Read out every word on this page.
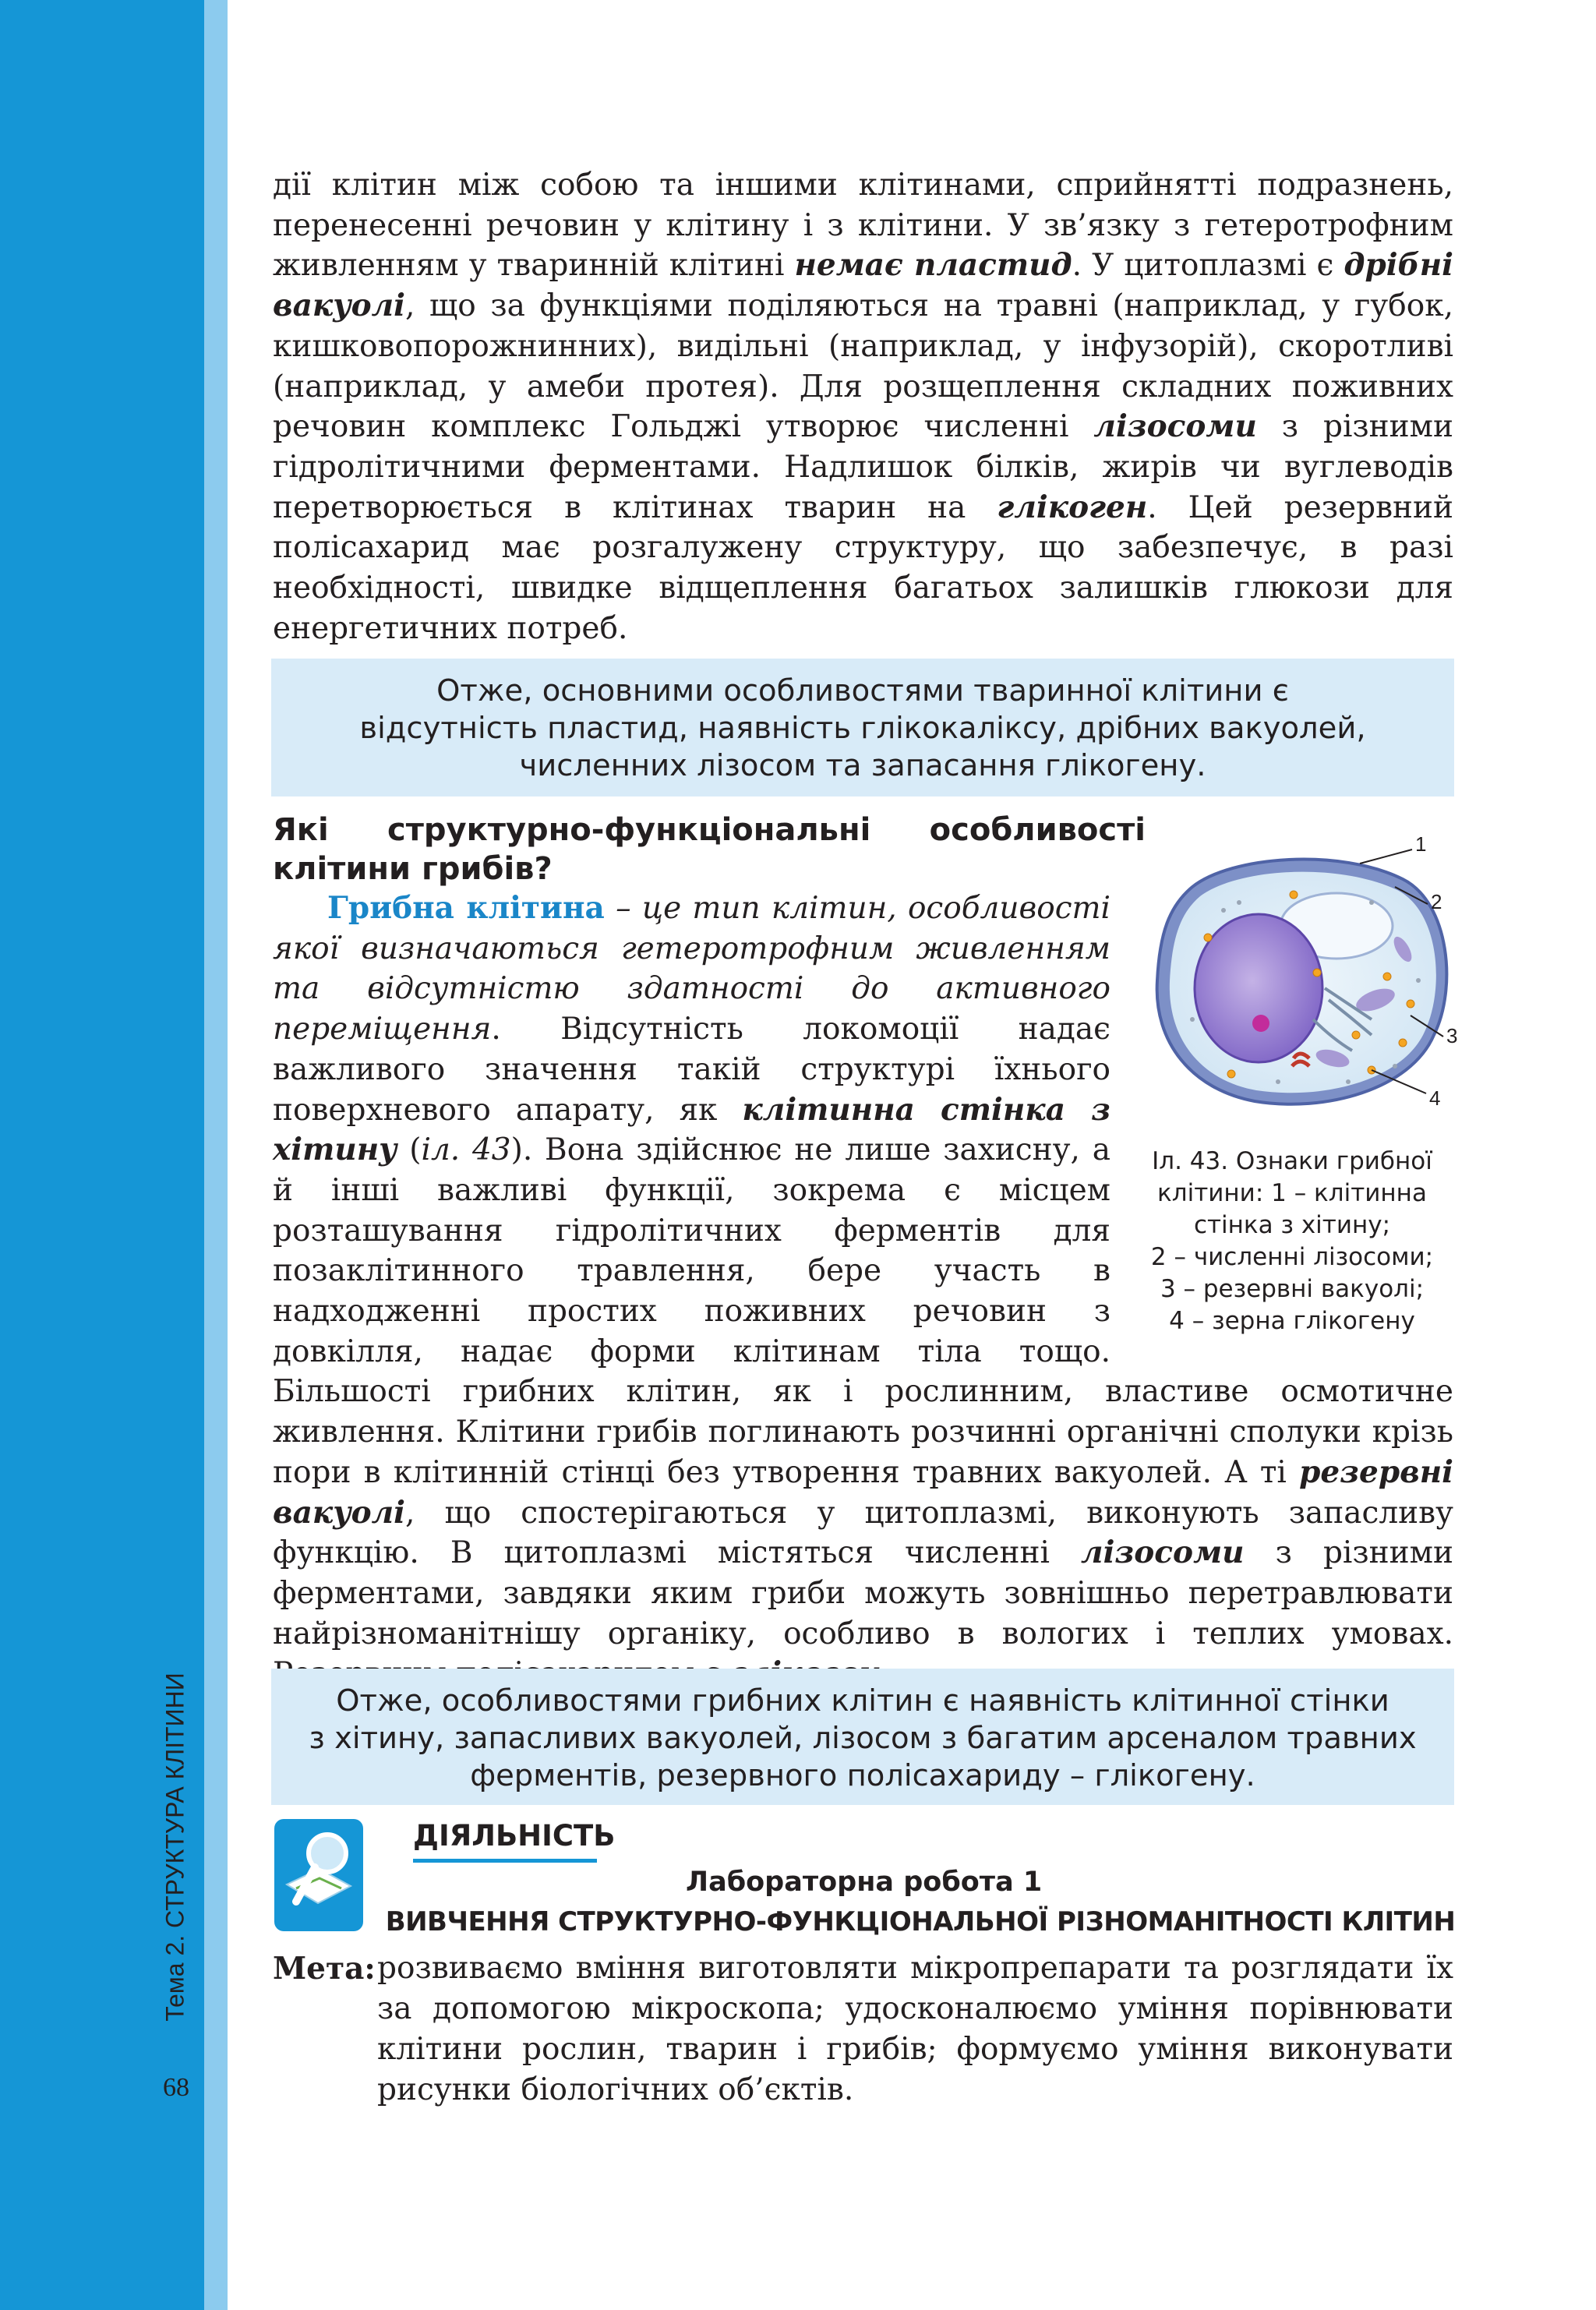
Тема 2. СТРУКТУРА КЛІТИНИ
68

дії клітин між собою та іншими клітинами, сприйнятті подразнень, перенесенні речовин у клітину і з клітини. У зв’язку з гетеротрофним живленням у тваринній клітині немає пластид. У цитоплазмі є дрібні вакуолі, що за функціями поділяються на травні (наприклад, у губок, кишковопорожнинних), видільні (наприклад, у інфузорій), скоротливі (наприклад, у амеби протея). Для розщеплення складних поживних речовин комплекс Гольджі утворює численні лізосоми з різними гідролітичними ферментами. Надлишок білків, жирів чи вуглеводів перетворюється в клітинах тварин на глікоген. Цей резервний полісахарид має розгалужену структуру, що забезпечує, в разі необхідності, швидке відщеплення багатьох залишків глюкози для енергетичних потреб.

Отже, основними особливостями тваринної клітини є
відсутність пластид, наявність глікокаліксу, дрібних вакуолей,
численних лізосом та запасання глікогену.
Які структурно-функціональні особливості клітини грибів?
1
2
3
4
Іл. 43. Ознаки грибної
клітини: 1 – клітинна
стінка з хітину;
2 – численні лізосоми;
3 – резервні вакуолі;
4 – зерна глікогену

Грибна клітина – це тип клітин, особливості якої визначаються гетеротрофним живленням та відсутністю здатності до активного переміщення. Відсутність локомоції надає важливого значення такій структурі їхнього поверхневого апарату, як клітинна стінка з хітину (іл. 43). Вона здійснює не лише захисну, а й інші важливі функції, зокрема є місцем розташування гідролітичних ферментів для позаклітинного травлення, бере участь в надходженні простих поживних речовин з довкілля, надає форми клітинам тіла тощо. Більшості грибних клітин, як і рослинним, властиве осмотичне живлення. Клітини грибів поглинають розчинні органічні сполуки крізь пори в клітинній стінці без утворення травних вакуолей. А ті резервні вакуолі, що спостерігаються у цитоплазмі, виконують запасливу функцію. В цитоплазмі містяться численні лізосоми з різними ферментами, завдяки яким гриби можуть зовнішньо перетравлювати найрізноманітнішу органіку, особливо в вологих і теплих умовах.

Отже, особливостями грибних клітин є наявність клітинної стінки
з хітину, запасливих вакуолей, лізосом з багатим арсеналом травних
ферментів, резервного полісахариду – глікогену.
ДІЯЛЬНІСТЬ
Лабораторна робота 1
ВИВЧЕННЯ СТРУКТУРНО-ФУНКЦІОНАЛЬНОЇ РІЗНОМАНІТНОСТІ КЛІТИН
Мета: розвиваємо вміння виготовляти мікропрепарати та розглядати їх за допомогою мікроскопа; удосконалюємо уміння порівнювати клітини рослин, тварин і грибів; формуємо уміння виконувати рисунки біологічних об’єктів.
